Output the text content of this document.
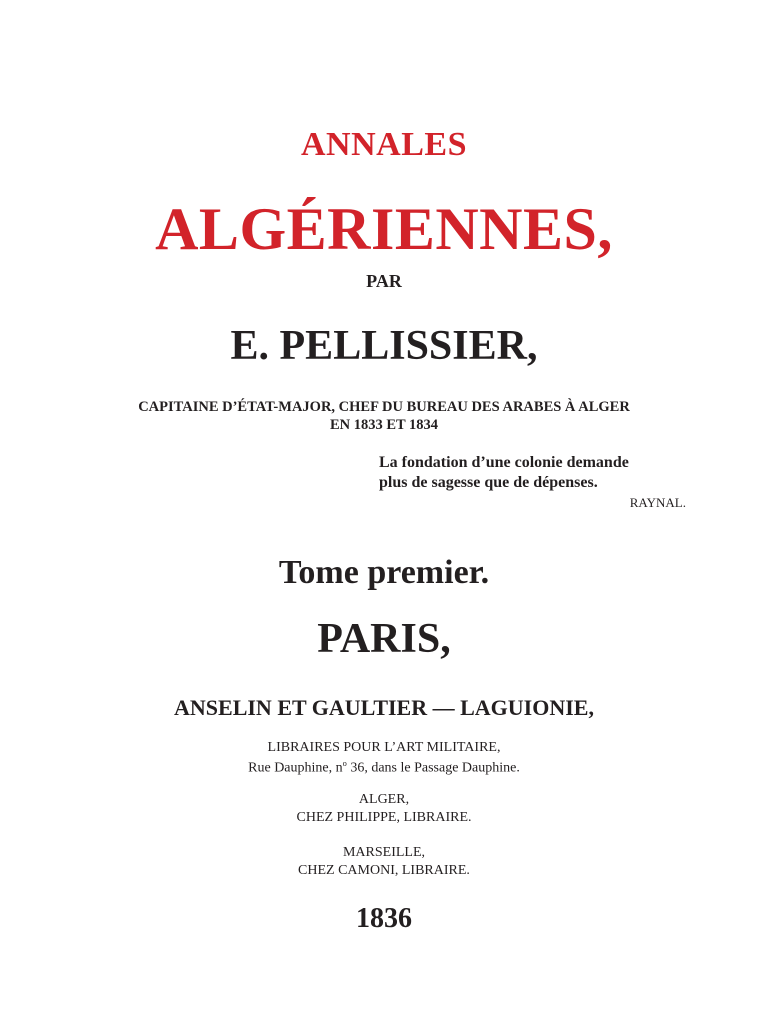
ANNALES
ALGÉRIENNES,
PAR
E. PELLISSIER,
CAPITAINE D’ÉTAT-MAJOR, CHEF DU BUREAU DES ARABES À ALGER
EN 1833 ET 1834
La fondation d’une colonie demande
plus de sagesse que de dépenses.
RAYNAL.
Tome premier.
PARIS,
ANSELIN ET GAULTIER — LAGUIONIE,
LIBRAIRES POUR L’ART MILITAIRE,
Rue Dauphine, $n^o$ 36, dans le Passage Dauphine.
ALGER,
CHEZ PHILIPPE, LIBRAIRE.
MARSEILLE,
CHEZ CAMONI, LIBRAIRE.
1836
